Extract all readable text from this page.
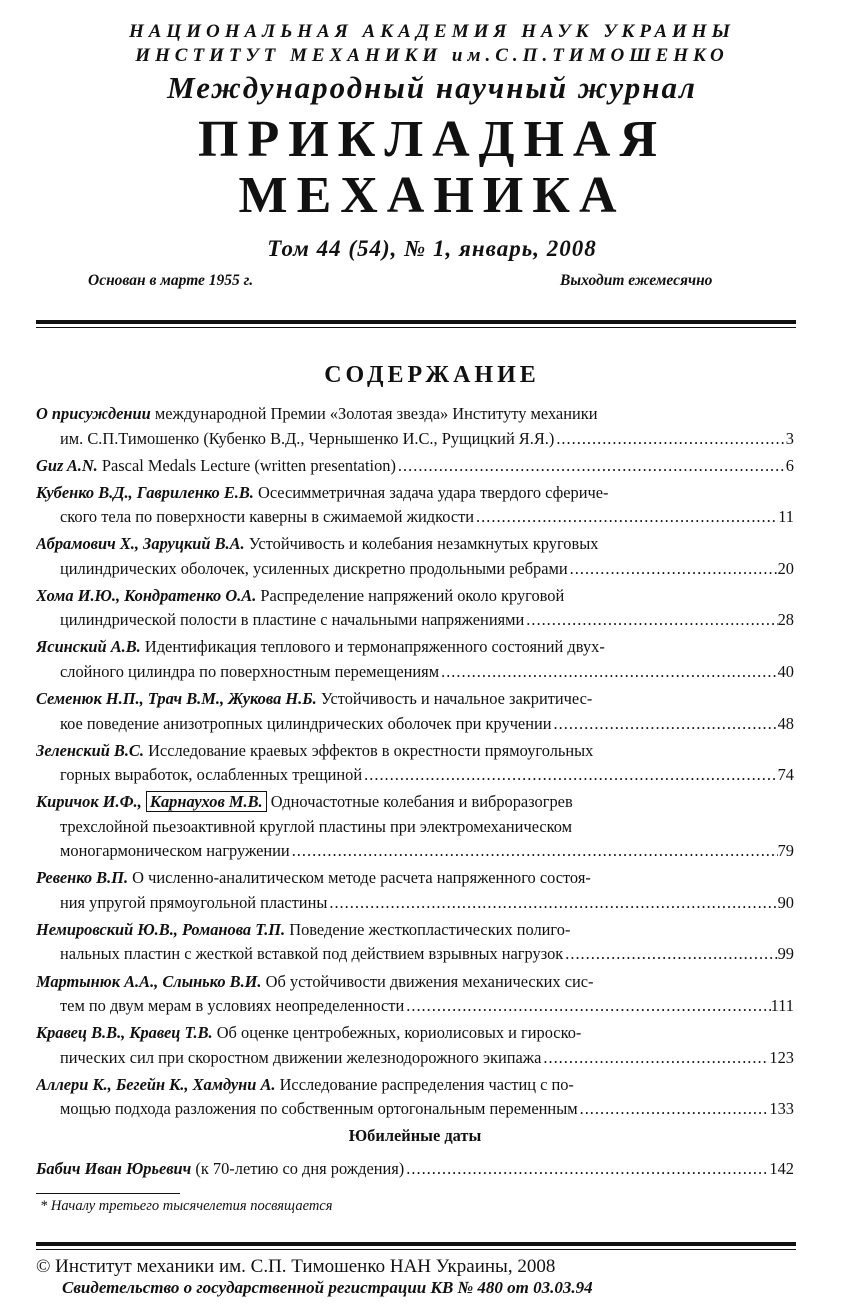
НАЦИОНАЛЬНАЯ АКАДЕМИЯ НАУК УКРАИНЫ
ИНСТИТУТ МЕХАНИКИ им.С.П.ТИМОШЕНКО
Международный научный журнал
ПРИКЛАДНАЯ
МЕХАНИКА
Том 44 (54), № 1, январь, 2008
Основан в марте 1955 г.	Выходит ежемесячно
СОДЕРЖАНИЕ
О присуждении международной Премии «Золотая звезда» Институту механики
им. С.П.Тимошенко (Кубенко В.Д., Чернышенко И.С., Рущицкий Я.Я.) .....	3
Guz A.N. Pascal Medals Lecture (written presentation) .....	6
Кубенко В.Д., Гавриленко Е.В. Осесимметричная задача удара твердого сфериче-
ского тела по поверхности каверны в сжимаемой жидкости .....	11
Абрамович Х., Заруцкий В.А. Устойчивость и колебания незамкнутых круговых
цилиндрических оболочек, усиленных дискретно продольными ребрами .....	20
Хома И.Ю., Кондратенко О.А. Распределение напряжений около круговой
цилиндрической полости в пластине с начальными напряжениями .....	28
Ясинский А.В. Идентификация теплового и термонапряженного состояний двух-
слойного цилиндра по поверхностным перемещениям .....	40
Семенюк Н.П., Трач В.М., Жукова Н.Б. Устойчивость и начальное закритичес-
кое поведение анизотропных цилиндрических оболочек при кручении .....	48
Зеленский В.С. Исследование краевых эффектов в окрестности прямоугольных
горных выработок, ослабленных трещиной .....	74
Киричок И.Ф., Карнаухов М.В. Одночастотные колебания и виброразогрев
трехслойной пьезоактивной круглой пластины при электромеханическом
моногармоническом нагружении .....	79
Ревенко В.П. О численно-аналитическом методе расчета напряженного состоя-
ния упругой прямоугольной пластины .....	90
Немировский Ю.В., Романова Т.П. Поведение жесткопластических полиго-
нальных пластин с жесткой вставкой под действием взрывных нагрузок .....	99
Мартынюк А.А., Слынько В.И. Об устойчивости движения механических сис-
тем по двум мерам в условиях неопределенности .....	111
Кравец В.В., Кравец Т.В. Об оценке центробежных, кориолисовых и гироско-
пических сил при скоростном движении железнодорожного экипажа .....	123
Аллери К., Бегейн К., Хамдуни А. Исследование распределения частиц с по-
мощью подхода разложения по собственным ортогональным переменным .....	133
Юбилейные даты
Бабич Иван Юрьевич (к 70-летию со дня рождения) .....	142
* Началу третьего тысячелетия посвящается
© Институт механики им. С.П. Тимошенко НАН Украины, 2008
Свидетельство о государственной регистрации КВ № 480 от 03.03.94
